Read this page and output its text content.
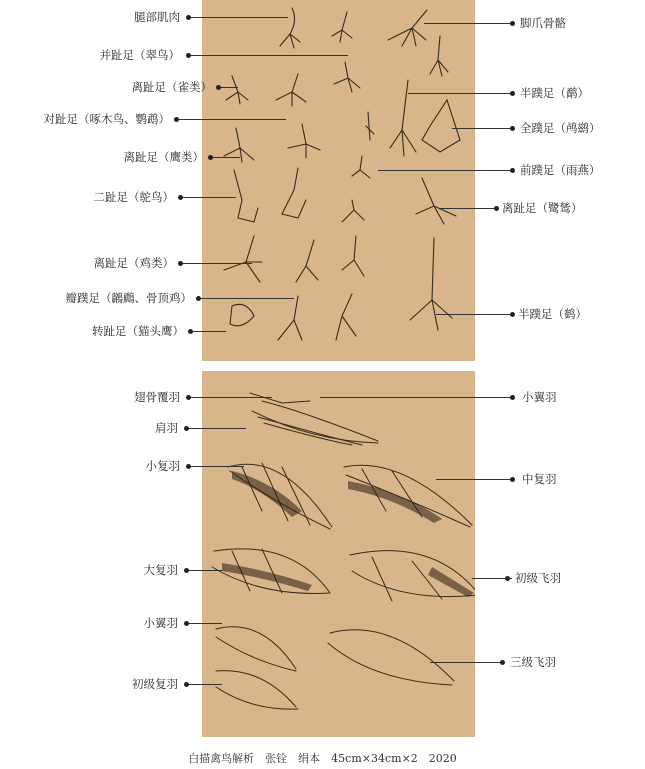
腿部肌肉
并趾足（翠鸟）
离趾足（雀类）
对趾足（啄木鸟、鹦鹉）
离趾足（鹰类）
二趾足（鸵鸟）
离趾足（鸡类）
瓣蹼足（鸊鷉、骨顶鸡）
转趾足（猫头鹰）
脚爪骨骼
半蹼足（鹬）
全蹼足（鸬鹚）
前蹼足（雨燕）
离趾足（鹭鸶）
半蹼足（鹤）
翅骨覆羽
肩羽
小复羽
大复羽
小翼羽
初级复羽
小翼羽
中复羽
初级飞羽
三级飞羽
白描禽鸟解析　张铨　绢本　45cm×34cm×2　2020
